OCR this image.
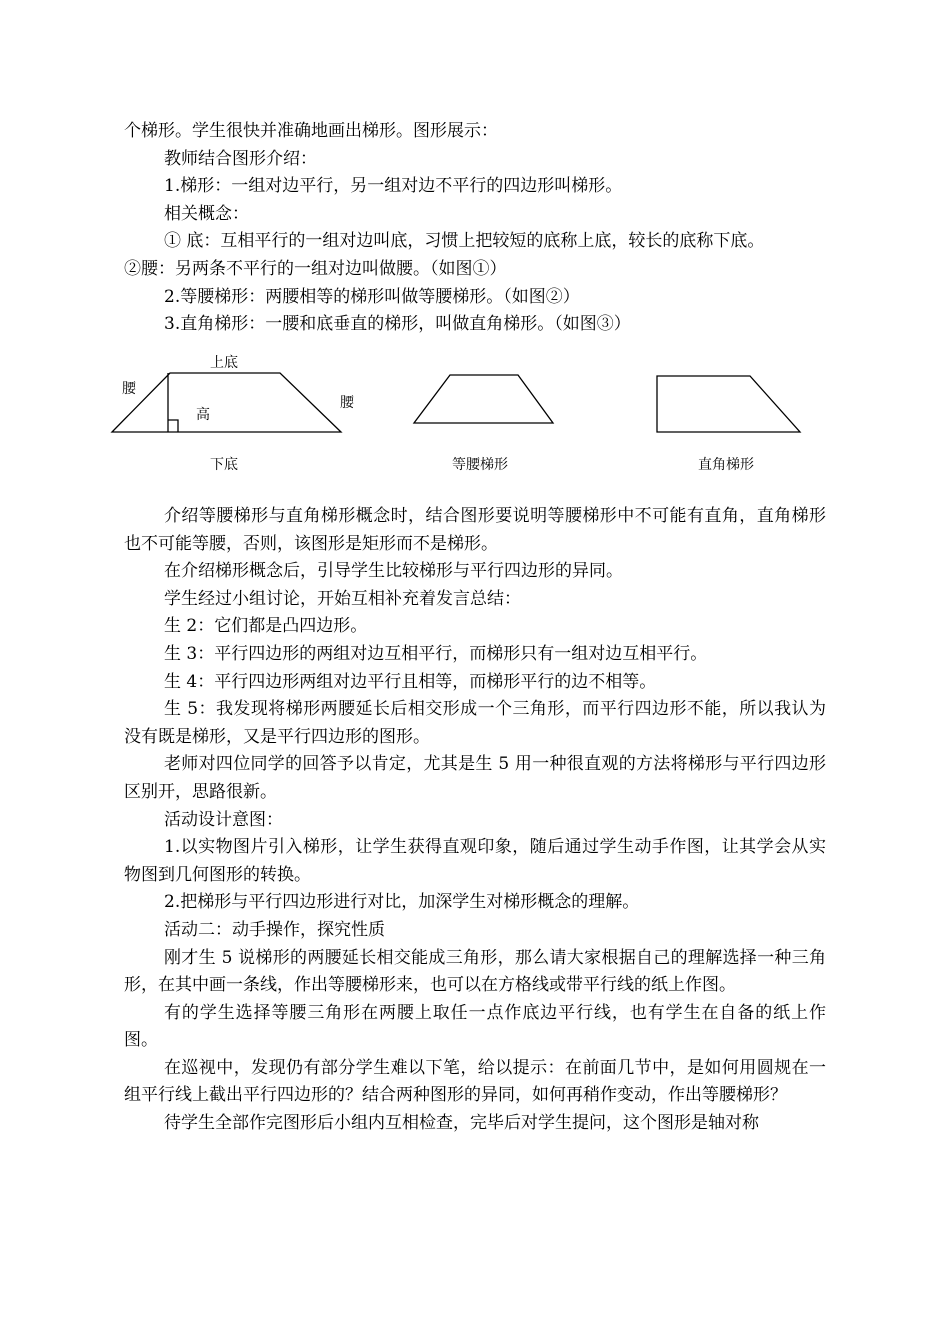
个梯形。学生很快并准确地画出梯形。图形展示：

教师结合图形介绍：

1.梯形：一组对边平行，另一组对边不平行的四边形叫梯形。

相关概念：

① 底：互相平行的一组对边叫底，习惯上把较短的底称上底，较长的底称下底。

②腰：另两条不平行的一组对边叫做腰。（如图①）

2.等腰梯形：两腰相等的梯形叫做等腰梯形。（如图②）

3.直角梯形：一腰和底垂直的梯形，叫做直角梯形。（如图③）

上底
腰
腰
高
下底	等腰梯形	直角梯形

介绍等腰梯形与直角梯形概念时，结合图形要说明等腰梯形中不可能有直角，直角梯形也不可能等腰，否则，该图形是矩形而不是梯形。

在介绍梯形概念后，引导学生比较梯形与平行四边形的异同。

学生经过小组讨论，开始互相补充着发言总结：

生 2：它们都是凸四边形。

生 3：平行四边形的两组对边互相平行，而梯形只有一组对边互相平行。

生 4：平行四边形两组对边平行且相等，而梯形平行的边不相等。

生 5：我发现将梯形两腰延长后相交形成一个三角形，而平行四边形不能，所以我认为没有既是梯形，又是平行四边形的图形。

老师对四位同学的回答予以肯定，尤其是生 5 用一种很直观的方法将梯形与平行四边形区别开，思路很新。

活动设计意图：

1.以实物图片引入梯形，让学生获得直观印象，随后通过学生动手作图，让其学会从实物图到几何图形的转换。

2.把梯形与平行四边形进行对比，加深学生对梯形概念的理解。

活动二：动手操作，探究性质

刚才生 5 说梯形的两腰延长相交能成三角形，那么请大家根据自己的理解选择一种三角形，在其中画一条线，作出等腰梯形来，也可以在方格线或带平行线的纸上作图。

有的学生选择等腰三角形在两腰上取任一点作底边平行线，也有学生在自备的纸上作图。

在巡视中，发现仍有部分学生难以下笔，给以提示：在前面几节中，是如何用圆规在一组平行线上截出平行四边形的？结合两种图形的异同，如何再稍作变动，作出等腰梯形？

待学生全部作完图形后小组内互相检查，完毕后对学生提问，这个图形是轴对称
